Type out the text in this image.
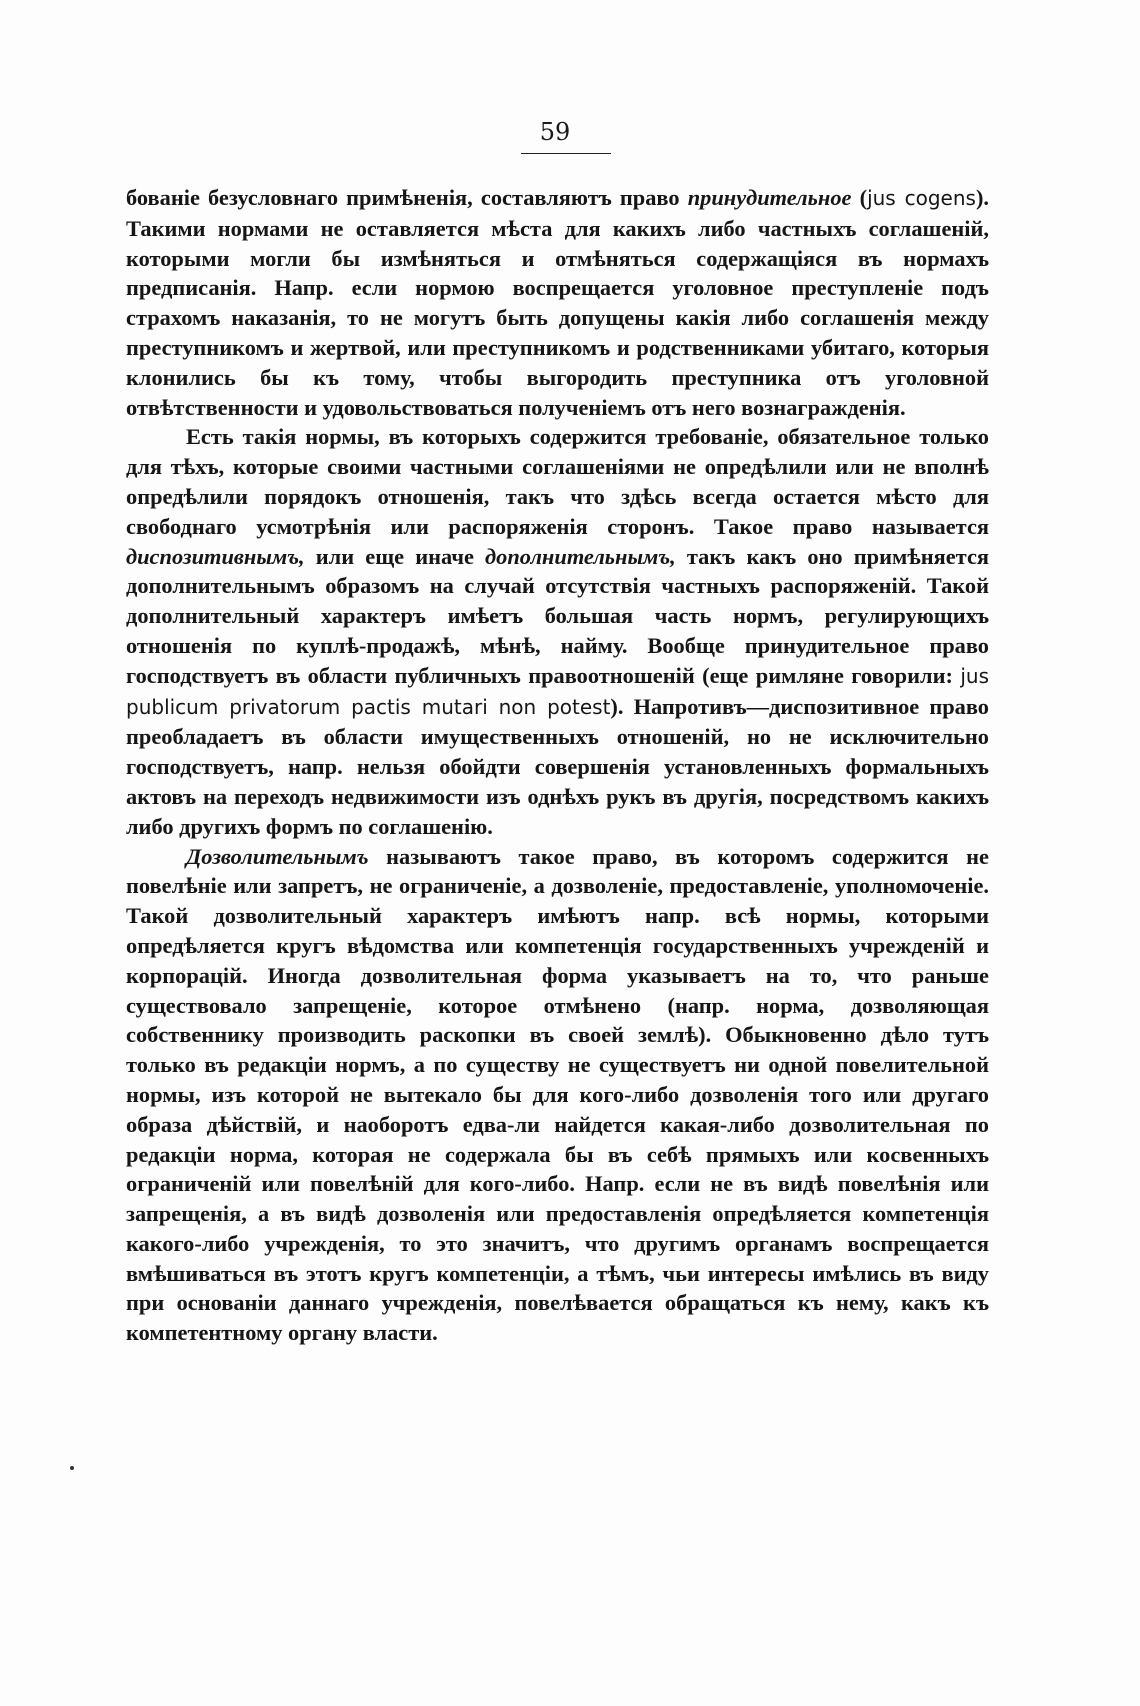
59

бованіе безусловнаго примѣненія, составляютъ право принудительное (jus cogens). Такими нормами не оставляется мѣста для какихъ либо частныхъ соглашеній, которыми могли бы измѣняться и отмѣняться содержащіяся въ нормахъ предписанія. Напр. если нормою воспрещается уголовное преступленіе подъ страхомъ наказанія, то не могутъ быть допущены какія либо соглашенія между преступникомъ и жертвой, или преступникомъ и родственниками убитаго, которыя клонились бы къ тому, чтобы выгородить преступника отъ уголовной отвѣтственности и удовольствоваться полученіемъ отъ него вознагражденія.

Есть такія нормы, въ которыхъ содержится требованіе, обязательное только для тѣхъ, которые своими частными соглашеніями не опредѣлили или не вполнѣ опредѣлили порядокъ отношенія, такъ что здѣсь всегда остается мѣсто для свободнаго усмотрѣнія или распоряженія сторонъ. Такое право называется диспозитивнымъ, или еще иначе дополнительнымъ, такъ какъ оно примѣняется дополнительнымъ образомъ на случай отсутствія частныхъ распоряженій. Такой дополнительный характеръ имѣетъ большая часть нормъ, регулирующихъ отношенія по куплѣ-продажѣ, мѣнѣ, найму. Вообще принудительное право господствуетъ въ области публичныхъ правоотношеній (еще римляне говорили: jus publicum privatorum pactis mutari non potest). Напротивъ—диспозитивное право преобладаетъ въ области имущественныхъ отношеній, но не исключительно господствуетъ, напр. нельзя обойдти совершенія установленныхъ формальныхъ актовъ на переходъ недвижимости изъ однѣхъ рукъ въ другія, посредствомъ какихъ либо другихъ формъ по соглашенію.

Дозволительнымъ называютъ такое право, въ которомъ содержится не повелѣніе или запретъ, не ограниченіе, а дозволеніе, предоставленіе, уполномоченіе. Такой дозволительный характеръ имѣютъ напр. всѣ нормы, которыми опредѣляется кругъ вѣдомства или компетенція государственныхъ учрежденій и корпорацій. Иногда дозволительная форма указываетъ на то, что раньше существовало запрещеніе, которое отмѣнено (напр. норма, дозволяющая собственнику производить раскопки въ своей землѣ). Обыкновенно дѣло тутъ только въ редакціи нормъ, а по существу не существуетъ ни одной повелительной нормы, изъ которой не вытекало бы для кого-либо дозволенія того или другаго образа дѣйствій, и наоборотъ едва-ли найдется какая-либо дозволительная по редакціи норма, которая не содержала бы въ себѣ прямыхъ или косвенныхъ ограниченій или повелѣній для кого-либо. Напр. если не въ видѣ повелѣнія или запрещенія, а въ видѣ дозволенія или предоставленія опредѣляется компетенція какого-либо учрежденія, то это значитъ, что другимъ органамъ воспрещается вмѣшиваться въ этотъ кругъ компетенціи, а тѣмъ, чьи интересы имѣлись въ виду при основаніи даннаго учрежденія, повелѣвается обращаться къ нему, какъ къ компетентному органу власти.
